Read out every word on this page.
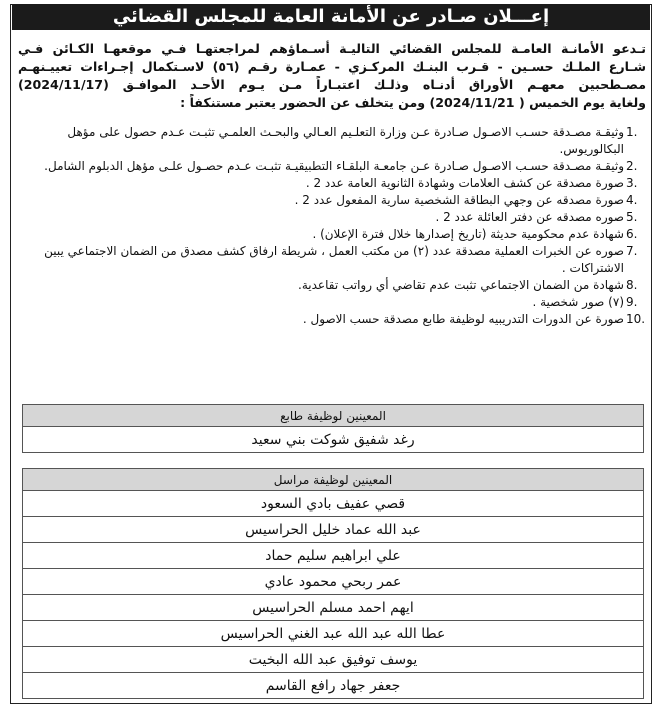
إعـــلان صـادر عن الأمانة العامة للمجلس القضائي
تـدعو الأمانـة العامـة للمجلس القضائي التاليـة أسـماؤهم لمراجعتهـا فـي موقعهـا الكـائن فـي
شـارع الملـك حسـين - قـرب البنـك المركـزي - عمـارة رقـم (٥٦) لاسـتكمال إجـراءات تعييـنهـم
مصـطحبين معهـم الأوراق أدنـاه وذلـك اعتبـاراً مـن يـوم الأحـد الموافـق (2024/11/17)
ولغاية يوم الخميس ( 2024/11/21) ومن يتخلف عن الحضور يعتبر مستنكفاً :
1.
وثيقـة مصـدقة حسـب الاصـول صـادرة عـن وزارة التعلـيم العـالي والبحـث العلمـي تثبـت عـدم حصول على مؤهل البكالوريوس.
2.
وثيقـة مصـدقة حسـب الاصـول صـادرة عـن جامعـة البلقـاء التطبيقيـة تثبـت عـدم حصـول علـى مؤهل الدبلوم الشامل.
3.
صورة مصدقة عن كشف العلامات وشهادة الثانوية العامة عدد 2 .
4.
صورة مصدقه عن وجهي البطاقة الشخصية سارية المفعول عدد 2 .
5.
صوره مصدقه عن دفتر العائلة عدد 2 .
6.
شهادة عدم محكومية حديثة (تاريخ إصدارها خلال فترة الإعلان) .
7.
صوره عن الخبرات العملية مصدقة عدد (٢) من مكتب العمل ، شريطة ارفاق كشف مصدق من الضمان الاجتماعي يبين الاشتراكات .
8.
شهادة من الضمان الاجتماعي تثبت عدم تقاضي أي رواتب تقاعدية.
9.
(٧) صور شخصية .
10.
صورة عن الدورات التدريبيه لوظيفة طابع مصدقة حسب الاصول .
المعينين لوظيفة طابع
رغد شفيق شوكت بني سعيد
المعينين لوظيفة مراسل
قصي عفيف بادي السعود
عبد الله عماد خليل الحراسيس
علي ابراهيم سليم حماد
عمر ربحي محمود عادي
ايهم احمد مسلم الحراسيس
عطا الله عبد الله عبد الغني الحراسيس
يوسف توفيق عبد الله البخيت
جعفر جهاد رافع القاسم
